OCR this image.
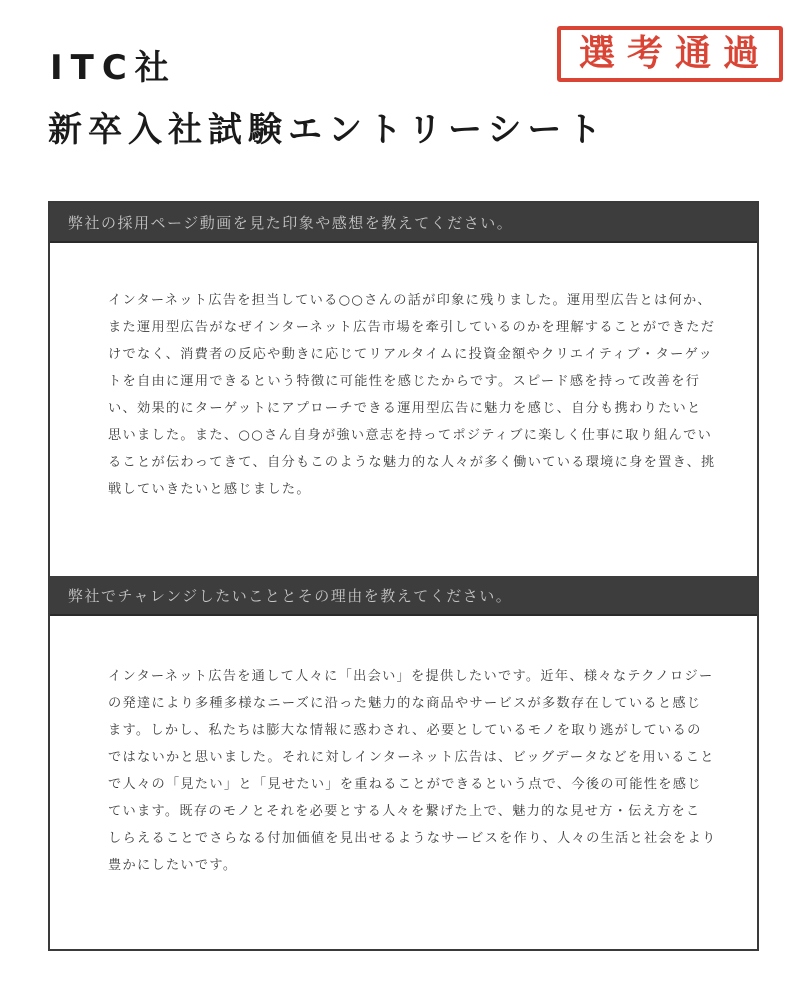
ITC社
新卒入社試験エントリーシート
選考通過
弊社の採用ページ動画を見た印象や感想を教えてください。
インターネット広告を担当している○○さんの話が印象に残りました。運用型広告とは何か、
また運用型広告がなぜインターネット広告市場を牽引しているのかを理解することができただ
けでなく、消費者の反応や動きに応じてリアルタイムに投資金額やクリエイティブ・ターゲッ
トを自由に運用できるという特徴に可能性を感じたからです。スピード感を持って改善を行
い、効果的にターゲットにアプローチできる運用型広告に魅力を感じ、自分も携わりたいと
思いました。また、○○さん自身が強い意志を持ってポジティブに楽しく仕事に取り組んでい
ることが伝わってきて、自分もこのような魅力的な人々が多く働いている環境に身を置き、挑
戦していきたいと感じました。
弊社でチャレンジしたいこととその理由を教えてください。
インターネット広告を通して人々に「出会い」を提供したいです。近年、様々なテクノロジー
の発達により多種多様なニーズに沿った魅力的な商品やサービスが多数存在していると感じ
ます。しかし、私たちは膨大な情報に惑わされ、必要としているモノを取り逃がしているの
ではないかと思いました。それに対しインターネット広告は、ビッグデータなどを用いること
で人々の「見たい」と「見せたい」を重ねることができるという点で、今後の可能性を感じ
ています。既存のモノとそれを必要とする人々を繋げた上で、魅力的な見せ方・伝え方をこ
しらえることでさらなる付加価値を見出せるようなサービスを作り、人々の生活と社会をより
豊かにしたいです。
